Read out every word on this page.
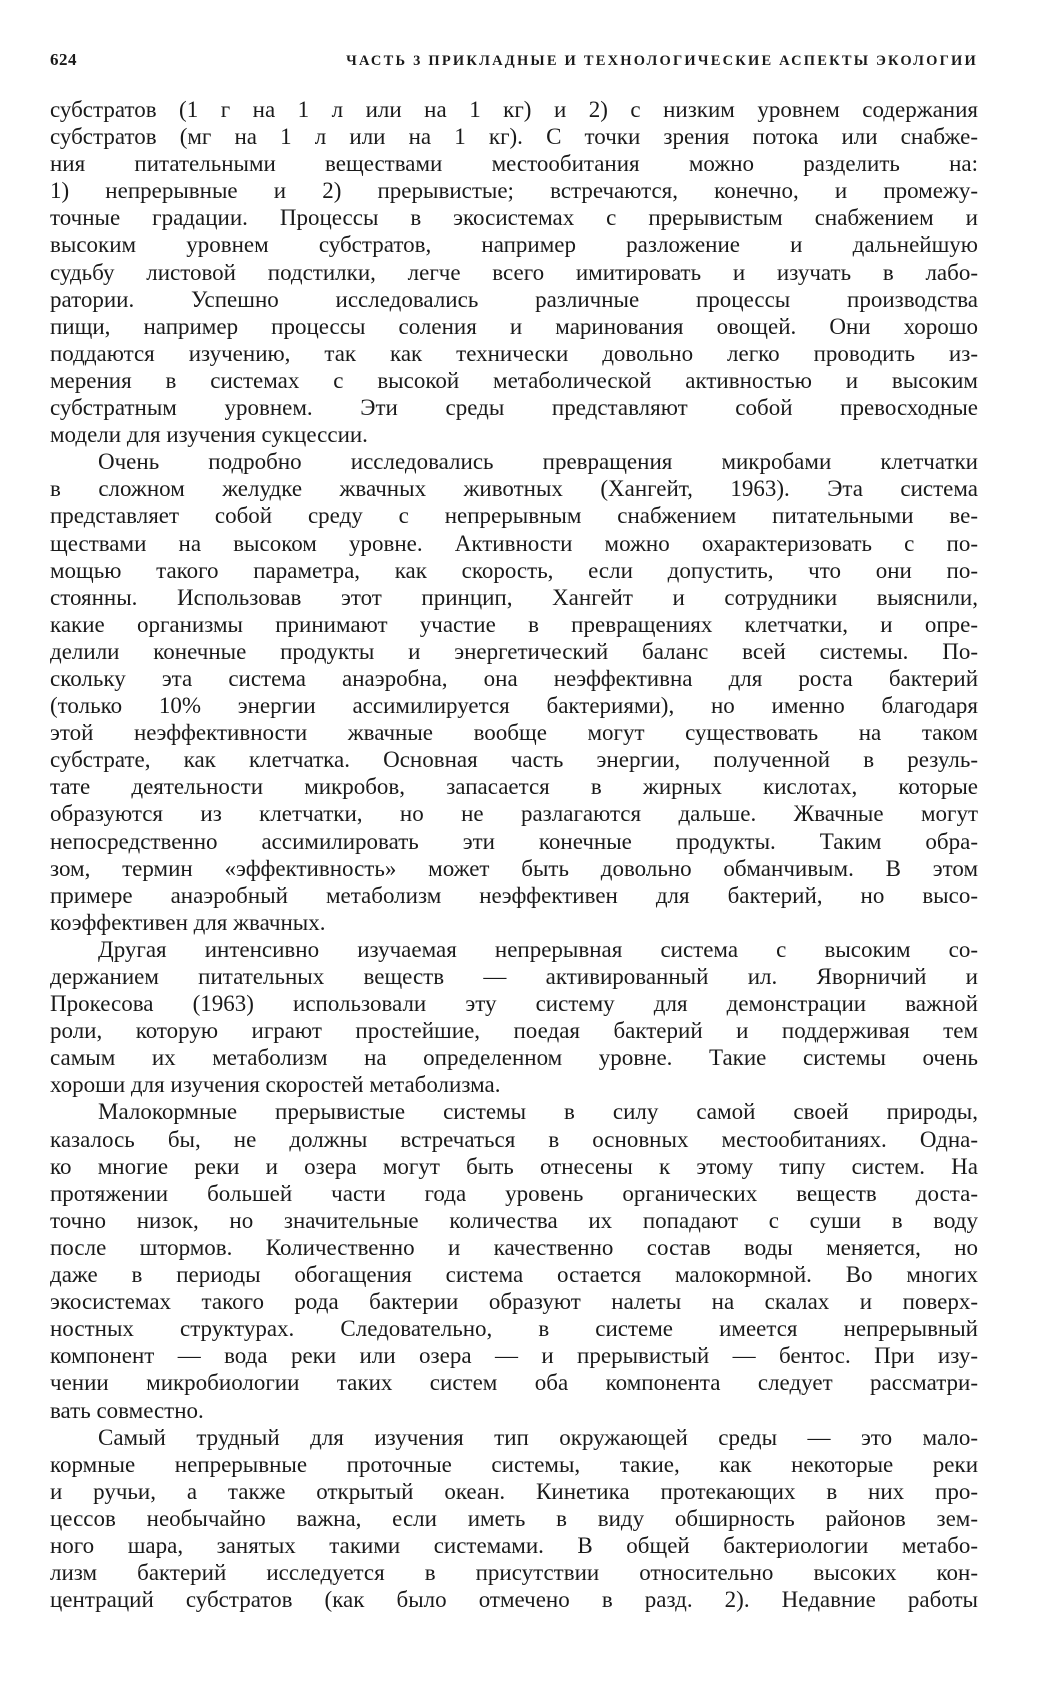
624	ЧАСТЬ 3 ПРИКЛАДНЫЕ И ТЕХНОЛОГИЧЕСКИЕ АСПЕКТЫ ЭКОЛОГИИ
субстратов (1 г на 1 л или на 1 кг) и 2) с низким уровнем содержания
субстратов (мг на 1 л или на 1 кг). С точки зрения потока или снабже-
ния питательными веществами местообитания можно разделить на:
1) непрерывные и 2) прерывистые; встречаются, конечно, и промежу-
точные градации. Процессы в экосистемах с прерывистым снабжением и
высоким уровнем субстратов, например разложение и дальнейшую
судьбу листовой подстилки, легче всего имитировать и изучать в лабо-
ратории. Успешно исследовались различные процессы производства
пищи, например процессы соления и маринования овощей. Они хорошо
поддаются изучению, так как технически довольно легко проводить из-
мерения в системах с высокой метаболической активностью и высоким
субстратным уровнем. Эти среды представляют собой превосходные
модели для изучения сукцессии.
Очень подробно исследовались превращения микробами клетчатки
в сложном желудке жвачных животных (Хангейт, 1963). Эта система
представляет собой среду с непрерывным снабжением питательными ве-
ществами на высоком уровне. Активности можно охарактеризовать с по-
мощью такого параметра, как скорость, если допустить, что они по-
стоянны. Использовав этот принцип, Хангейт и сотрудники выяснили,
какие организмы принимают участие в превращениях клетчатки, и опре-
делили конечные продукты и энергетический баланс всей системы. По-
скольку эта система анаэробна, она неэффективна для роста бактерий
(только 10% энергии ассимилируется бактериями), но именно благодаря
этой неэффективности жвачные вообще могут существовать на таком
субстрате, как клетчатка. Основная часть энергии, полученной в резуль-
тате деятельности микробов, запасается в жирных кислотах, которые
образуются из клетчатки, но не разлагаются дальше. Жвачные могут
непосредственно ассимилировать эти конечные продукты. Таким обра-
зом, термин «эффективность» может быть довольно обманчивым. В этом
примере анаэробный метаболизм неэффективен для бактерий, но высо-
коэффективен для жвачных.
Другая интенсивно изучаемая непрерывная система с высоким со-
держанием питательных веществ — активированный ил. Яворничий и
Прокесова (1963) использовали эту систему для демонстрации важной
роли, которую играют простейшие, поедая бактерий и поддерживая тем
самым их метаболизм на определенном уровне. Такие системы очень
хороши для изучения скоростей метаболизма.
Малокормные прерывистые системы в силу самой своей природы,
казалось бы, не должны встречаться в основных местообитаниях. Одна-
ко многие реки и озера могут быть отнесены к этому типу систем. На
протяжении большей части года уровень органических веществ доста-
точно низок, но значительные количества их попадают с суши в воду
после штормов. Количественно и качественно состав воды меняется, но
даже в периоды обогащения система остается малокормной. Во многих
экосистемах такого рода бактерии образуют налеты на скалах и поверх-
ностных структурах. Следовательно, в системе имеется непрерывный
компонент — вода реки или озера — и прерывистый — бентос. При изу-
чении микробиологии таких систем оба компонента следует рассматри-
вать совместно.
Самый трудный для изучения тип окружающей среды — это мало-
кормные непрерывные проточные системы, такие, как некоторые реки
и ручьи, а также открытый океан. Кинетика протекающих в них про-
цессов необычайно важна, если иметь в виду обширность районов зем-
ного шара, занятых такими системами. В общей бактериологии метабо-
лизм бактерий исследуется в присутствии относительно высоких кон-
центраций субстратов (как было отмечено в разд. 2). Недавние работы
